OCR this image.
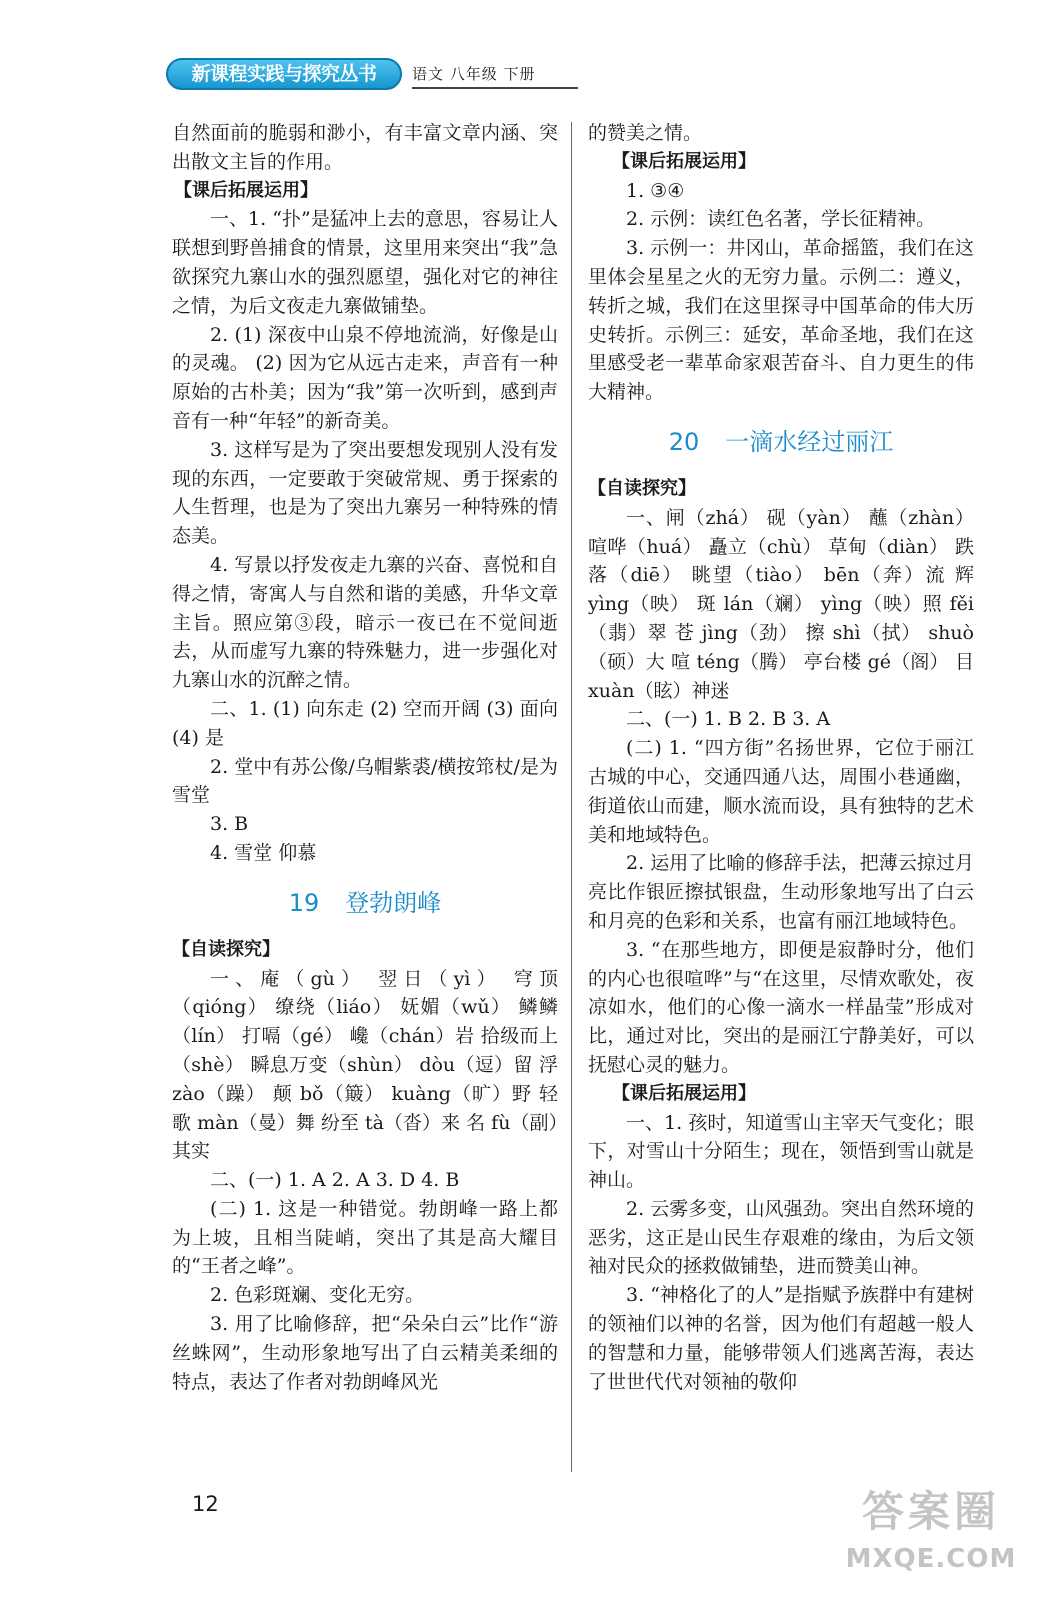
新课程实践与探究丛书	语文 八年级 下册

自然面前的脆弱和渺小，有丰富文章内涵、突出散文主旨的作用。

【课后拓展运用】

一、1. “扑”是猛冲上去的意思，容易让人联想到野兽捕食的情景，这里用来突出“我”急欲探究九寨山水的强烈愿望，强化对它的神往之情，为后文夜走九寨做铺垫。

2. (1) 深夜中山泉不停地流淌，好像是山的灵魂。 (2) 因为它从远古走来，声音有一种原始的古朴美；因为“我”第一次听到，感到声音有一种“年轻”的新奇美。

3. 这样写是为了突出要想发现别人没有发现的东西，一定要敢于突破常规、勇于探索的人生哲理，也是为了突出九寨另一种特殊的情态美。

4. 写景以抒发夜走九寨的兴奋、喜悦和自得之情，寄寓人与自然和谐的美感，升华文章主旨。照应第③段，暗示一夜已在不觉间逝去，从而虚写九寨的特殊魅力，进一步强化对九寨山水的沉醉之情。

二、1. (1) 向东走 (2) 空而开阔 (3) 面向 (4) 是

2. 堂中有苏公像/乌帽紫裘/横按筇杖/是为雪堂

3. B

4. 雪堂 仰慕

19 登勃朗峰

【自读探究】

一、庵（gù） 翌日（yì） 穹顶（qióng） 缭绕（liáo） 妩媚（wǔ） 鳞鳞（lín） 打嗝（gé） 巉（chán）岩 拾级而上（shè） 瞬息万变（shùn） dòu（逗）留 浮 zào（躁） 颠 bǒ（簸） kuàng（旷）野 轻歌 màn（曼）舞 纷至 tà（沓）来 名 fù（副）其实

二、(一) 1. A 2. A 3. D 4. B

(二) 1. 这是一种错觉。勃朗峰一路上都为上坡，且相当陡峭，突出了其是高大耀目的“王者之峰”。

2. 色彩斑斓、变化无穷。

3. 用了比喻修辞，把“朵朵白云”比作“游丝蛛网”，生动形象地写出了白云精美柔细的特点，表达了作者对勃朗峰风光

的赞美之情。

【课后拓展运用】

1. ③④

2. 示例：读红色名著，学长征精神。

3. 示例一：井冈山，革命摇篮，我们在这里体会星星之火的无穷力量。示例二：遵义，转折之城，我们在这里探寻中国革命的伟大历史转折。示例三：延安，革命圣地，我们在这里感受老一辈革命家艰苦奋斗、自力更生的伟大精神。

20 一滴水经过丽江

【自读探究】

一、闸（zhá） 砚（yàn） 蘸（zhàn） 喧哗（huá） 矗立（chù） 草甸（diàn） 跌落（diē） 眺望（tiào） bēn（奔）流 辉 yìng（映） 斑 lán（斓） yìng（映）照 fěi（翡）翠 苍 jìng（劲） 擦 shì（拭） shuò（硕）大 喧 téng（腾） 亭台楼 gé（阁） 目 xuàn（眩）神迷

二、(一) 1. B 2. B 3. A

(二) 1. “四方街”名扬世界，它位于丽江古城的中心，交通四通八达，周围小巷通幽，街道依山而建，顺水流而设，具有独特的艺术美和地域特色。

2. 运用了比喻的修辞手法，把薄云掠过月亮比作银匠擦拭银盘，生动形象地写出了白云和月亮的色彩和关系，也富有丽江地域特色。

3. “在那些地方，即便是寂静时分，他们的内心也很喧哗”与“在这里，尽情欢歌处，夜凉如水，他们的心像一滴水一样晶莹”形成对比，通过对比，突出的是丽江宁静美好，可以抚慰心灵的魅力。

【课后拓展运用】

一、1. 孩时，知道雪山主宰天气变化；眼下，对雪山十分陌生；现在，领悟到雪山就是神山。

2. 云雾多变，山风强劲。突出自然环境的恶劣，这正是山民生存艰难的缘由，为后文领袖对民众的拯救做铺垫，进而赞美山神。

3. “神格化了的人”是指赋予族群中有建树的领袖们以神的名誉，因为他们有超越一般人的智慧和力量，能够带领人们逃离苦海，表达了世世代代对领袖的敬仰

12	答案圈
MXQE.COM
